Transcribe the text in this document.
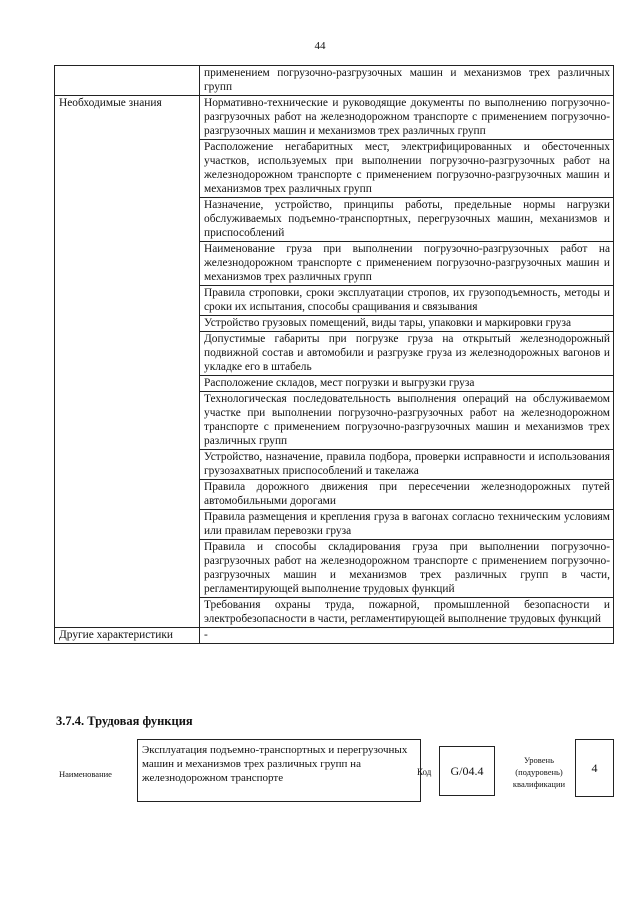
44
	применением погрузочно-разгрузочных машин и механизмов трех различных групп
Необходимые знания	Нормативно-технические и руководящие документы по выполнению погрузочно-разгрузочных работ на железнодорожном транспорте с применением погрузочно-разгрузочных машин и механизмов трех различных групп
	Расположение негабаритных мест, электрифицированных и обесточенных участков, используемых при выполнении погрузочно-разгрузочных работ на железнодорожном транспорте с применением погрузочно-разгрузочных машин и механизмов трех различных групп
	Назначение, устройство, принципы работы, предельные нормы нагрузки обслуживаемых подъемно-транспортных, перегрузочных машин, механизмов и приспособлений
	Наименование груза при выполнении погрузочно-разгрузочных работ на железнодорожном транспорте с применением погрузочно-разгрузочных машин и механизмов трех различных групп
	Правила строповки, сроки эксплуатации стропов, их грузоподъемность, методы и сроки их испытания, способы сращивания и связывания
	Устройство грузовых помещений, виды тары, упаковки и маркировки груза
	Допустимые габариты при погрузке груза на открытый железнодорожный подвижной состав и автомобили и разгрузке груза из железнодорожных вагонов и укладке его в штабель
	Расположение складов, мест погрузки и выгрузки груза
	Технологическая последовательность выполнения операций на обслуживаемом участке при выполнении погрузочно-разгрузочных работ на железнодорожном транспорте с применением погрузочно-разгрузочных машин и механизмов трех различных групп
	Устройство, назначение, правила подбора, проверки исправности и использования грузозахватных приспособлений и такелажа
	Правила дорожного движения при пересечении железнодорожных путей автомобильными дорогами
	Правила размещения и крепления груза в вагонах согласно техническим условиям или правилам перевозки груза
	Правила и способы складирования груза при выполнении погрузочно-разгрузочных работ на железнодорожном транспорте с применением погрузочно-разгрузочных машин и механизмов трех различных групп в части, регламентирующей выполнение трудовых функций
	Требования охраны труда, пожарной, промышленной безопасности и электробезопасности в части, регламентирующей выполнение трудовых функций
Другие характеристики	-
3.7.4. Трудовая функция
Наименование
Эксплуатация подъемно-транспортных и перегрузочных машин и механизмов трех различных групп на железнодорожном транспорте	Код	G/04.4
Уровень (подуровень) квалификации
4
